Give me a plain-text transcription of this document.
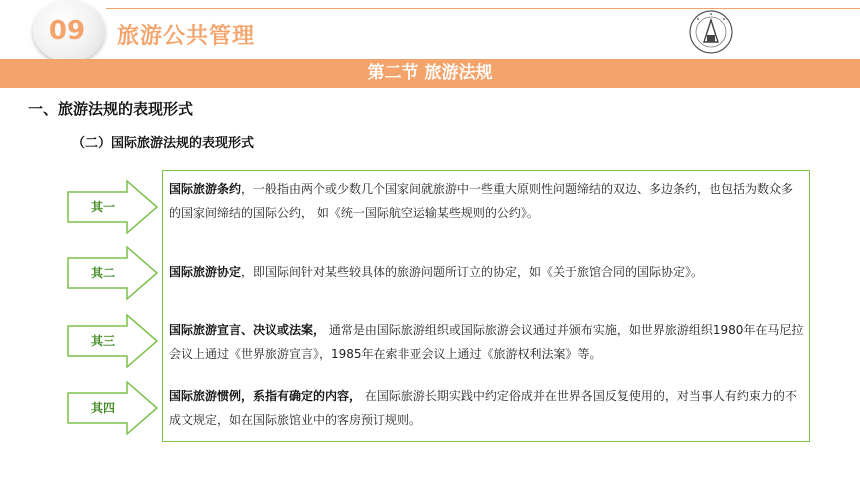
09 旅游公共管理
第二节 旅游法规
一、旅游法规的表现形式
（二）国际旅游法规的表现形式
其一
其二
其三
其四
国际旅游条约，一般指由两个或少数几个国家间就旅游中一些重大原则性问题缔结的双边、多边条约，也包括为数众多的国家间缔结的国际公约， 如《统一国际航空运输某些规则的公约》。
国际旅游协定，即国际间针对某些较具体的旅游问题所订立的协定，如《关于旅馆合同的国际协定》。
国际旅游宣言、决议或法案， 通常是由国际旅游组织或国际旅游会议通过并颁布实施，如世界旅游组织1980年在马尼拉会议上通过《世界旅游宣言》，1985年在索非亚会议上通过《旅游权利法案》等。
国际旅游惯例，系指有确定的内容， 在国际旅游长期实践中约定俗成并在世界各国反复使用的，对当事人有约束力的不成文规定，如在国际旅馆业中的客房预订规则。
